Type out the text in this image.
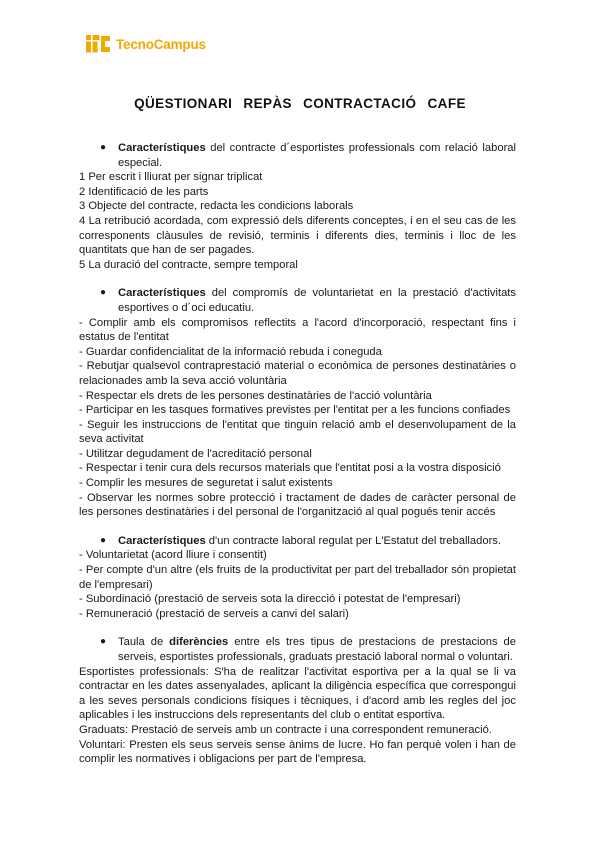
TecnoCampus
QÜESTIONARI REPÀS CONTRACTACIÓ CAFE
●	Característiques del contracte d´esportistes professionals com relació laboral especial.

1 Per escrit i lliurat per signar triplicat

2 Identificació de les parts

3 Objecte del contracte, redacta les condicions laborals

4 La retribució acordada, com expressió dels diferents conceptes, i en el seu cas de les corresponents clàusules de revisió, terminis i diferents dies, terminis i lloc de les quantitats que han de ser pagades.

5 La duració del contracte, sempre temporal

●	Característiques del compromís de voluntarietat en la prestació d'activitats esportives o d´oci educatiu.

- Complir amb els compromisos reflectits a l'acord d'incorporació, respectant fins i estatus de l'entitat

- Guardar confidencialitat de la informació rebuda i coneguda

- Rebutjar qualsevol contraprestació material o econòmica de persones destinatàries o relacionades amb la seva acció voluntària

- Respectar els drets de les persones destinatàries de l'acció voluntària

- Participar en les tasques formatives previstes per l'entitat per a les funcions confiades

- Seguir les instruccions de l'entitat que tinguin relació amb el desenvolupament de la seva activitat

- Utilitzar degudament de l'acreditació personal

- Respectar i tenir cura dels recursos materials que l'entitat posi a la vostra disposició

- Complir les mesures de seguretat i salut existents

- Observar les normes sobre protecció i tractament de dades de caràcter personal de les persones destinatàries i del personal de l'organització al qual pogués tenir accés

●	Característiques d'un contracte laboral regulat per L'Estatut del treballadors.

- Voluntarietat (acord lliure i consentit)

- Per compte d'un altre (els fruits de la productivitat per part del treballador són propietat de l'empresari)

- Subordinació (prestació de serveis sota la direcció i potestat de l'empresari)

- Remuneració (prestació de serveis a canvi del salari)

●	Taula de diferències entre els tres tipus de prestacions de prestacions de serveis, esportistes professionals, graduats prestació laboral normal o voluntari.

Esportistes professionals: S'ha de realitzar l'activitat esportiva per a la qual se li va contractar en les dates assenyalades, aplicant la diligència específica que correspongui a les seves personals condicions físiques i tècniques, i d'acord amb les regles del joc aplicables i les instruccions dels representants del club o entitat esportiva.

Graduats: Prestació de serveis amb un contracte i una correspondent remuneració.

Voluntari: Presten els seus serveis sense ànims de lucre. Ho fan perquè volen i han de complir les normatives i obligacions per part de l'empresa.
